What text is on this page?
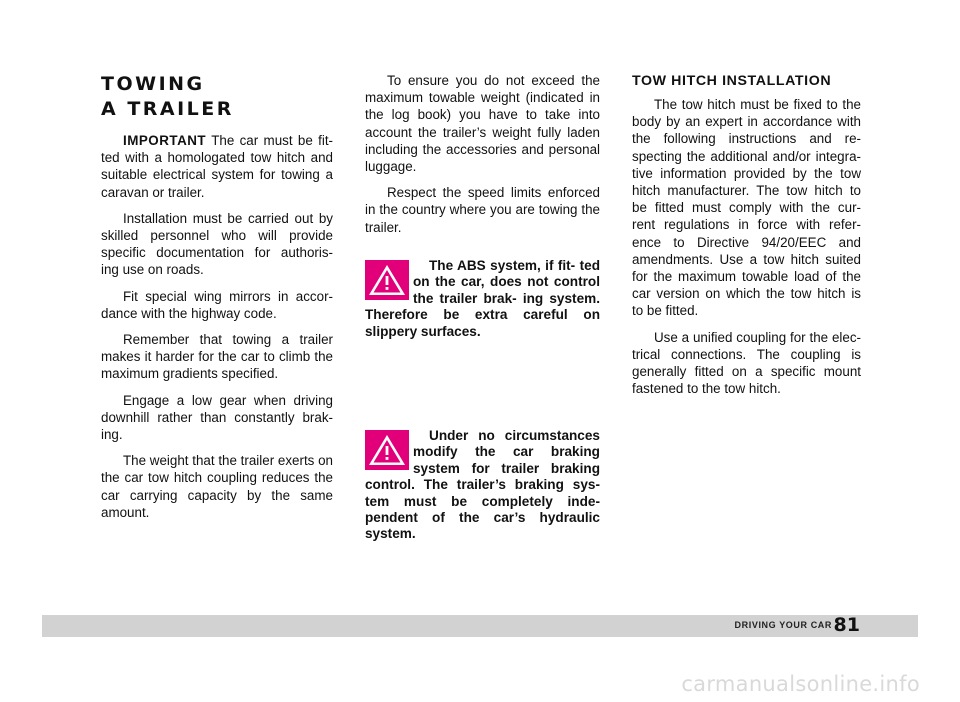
TOWING
A TRAILER

IMPORTANT The car must be fit- ted with a homologated tow hitch and suitable electrical system for towing a caravan or trailer.

Installation must be carried out by skilled personnel who will provide specific documentation for authoris- ing use on roads.

Fit special wing mirrors in accor- dance with the highway code.

Remember that towing a trailer makes it harder for the car to climb the maximum gradients specified.

Engage a low gear when driving downhill rather than constantly brak- ing.

The weight that the trailer exerts on the car tow hitch coupling reduces the car carrying capacity by the same amount.

To ensure you do not exceed the maximum towable weight (indicated in the log book) you have to take into account the trailer’s weight fully laden including the accessories and personal luggage.

Respect the speed limits enforced in the country where you are towing the trailer.

The ABS system, if fit- ted on the car, does not control the trailer brak- ing system. Therefore be extra careful on slippery surfaces.

Under no circumstances modify the car braking system for trailer braking control. The trailer’s braking sys- tem must be completely inde- pendent of the car’s hydraulic system.

TOW HITCH INSTALLATION

The tow hitch must be fixed to the body by an expert in accordance with the following instructions and re- specting the additional and/or integra- tive information provided by the tow hitch manufacturer. The tow hitch to be fitted must comply with the cur- rent regulations in force with refer- ence to Directive 94/20/EEC and amendments. Use a tow hitch suited for the maximum towable load of the car version on which the tow hitch is to be fitted.

Use a unified coupling for the elec- trical connections. The coupling is generally fitted on a specific mount fastened to the tow hitch.

DRIVING YOUR CAR 81
carmanualsonline.info
